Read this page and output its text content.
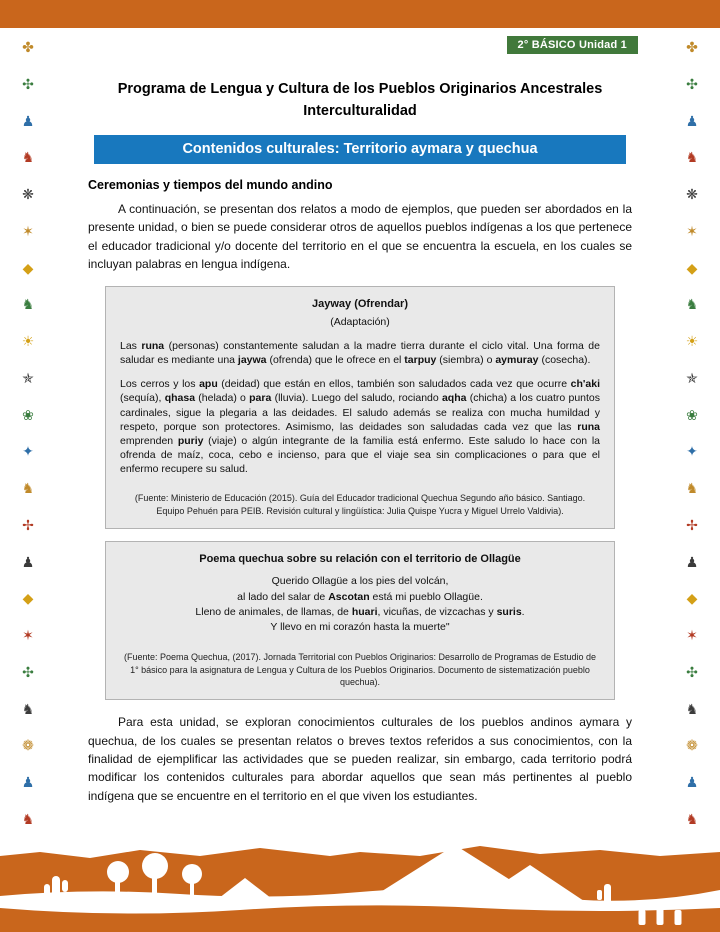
✤
✣
♟
♞
❋
✶
◆
♞
☀
✯
❀
✦
♞
✢
♟
◆
✶
✣
♞
❁
♟
♞
✤
✣
♟
♞
❋
✶
◆
♞
☀
✯
❀
✦
♞
✢
♟
◆
✶
✣
♞
❁
♟
♞
2° BÁSICO Unidad 1
Programa de Lengua y Cultura de los Pueblos Originarios Ancestrales
Interculturalidad
Contenidos culturales: Territorio aymara y quechua
Ceremonias y tiempos del mundo andino

A continuación, se presentan dos relatos a modo de ejemplos, que pueden ser abordados en la presente unidad, o bien se puede considerar otros de aquellos pueblos indígenas a los que pertenece el educador tradicional y/o docente del territorio en el que se encuentra la escuela, en los cuales se incluyan palabras en lengua indígena.

Jayway (Ofrendar)
(Adaptación)

Las runa (personas) constantemente saludan a la madre tierra durante el ciclo vital. Una forma de saludar es mediante una jaywa (ofrenda) que le ofrece en el tarpuy (siembra) o aymuray (cosecha).

Los cerros y los apu (deidad) que están en ellos, también son saludados cada vez que ocurre ch'aki (sequía), qhasa (helada) o para (lluvia). Luego del saludo, rociando aqha (chicha) a los cuatro puntos cardinales, sigue la plegaria a las deidades. El saludo además se realiza con mucha humildad y respeto, porque son protectores. Asimismo, las deidades son saludadas cada vez que las runa emprenden puriy (viaje) o algún integrante de la familia está enfermo. Este saludo lo hace con la ofrenda de maíz, coca, cebo e incienso, para que el viaje sea sin complicaciones o para que el enfermo recupere su salud.

(Fuente: Ministerio de Educación (2015). Guía del Educador tradicional Quechua Segundo año básico. Santiago. Equipo Pehuén para PEIB. Revisión cultural y lingüística: Julia Quispe Yucra y Miguel Urrelo Valdivia).
Poema quechua sobre su relación con el territorio de Ollagüe
Querido Ollagüe a los pies del volcán,
al lado del salar de Ascotan está mi pueblo Ollagüe.
Lleno de animales, de llamas, de huari, vicuñas, de vizcachas y suris.
Y llevo en mi corazón hasta la muerte"
(Fuente: Poema Quechua, (2017). Jornada Territorial con Pueblos Originarios: Desarrollo de Programas de Estudio de 1° básico para la asignatura de Lengua y Cultura de los Pueblos Originarios. Documento de sistematización pueblo quechua).

Para esta unidad, se exploran conocimientos culturales de los pueblos andinos aymara y quechua, de los cuales se presentan relatos o breves textos referidos a sus conocimientos, con la finalidad de ejemplificar las actividades que se pueden realizar, sin embargo, cada territorio podrá modificar los contenidos culturales para abordar aquellos que sean más pertinentes al pueblo indígena que se encuentre en el territorio en el que viven los estudiantes.
